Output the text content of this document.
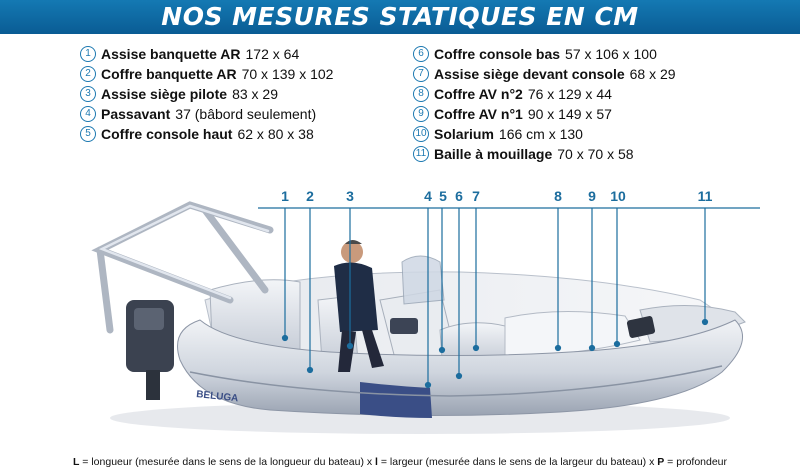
NOS MESURES STATIQUES EN CM
1 Assise banquette AR 172 x 64
2 Coffre banquette AR 70 x 139 x 102
3 Assise siège pilote 83 x 29
4 Passavant 37 (bâbord seulement)
5 Coffre console haut 62 x 80 x 38
6 Coffre console bas 57 x 106 x 100
7 Assise siège devant console 68 x 29
8 Coffre AV n°2 76 x 129 x 44
9 Coffre AV n°1 90 x 149 x 57
10 Solarium 166 cm x 130
11 Baille à mouillage 70 x 70 x 58
BELUGA
1	2	3	4 5 6 7	8	9	10	11
L = longueur (mesurée dans le sens de la longueur du bateau) x l = largeur (mesurée dans le sens de la largeur du bateau) x P = profondeur
